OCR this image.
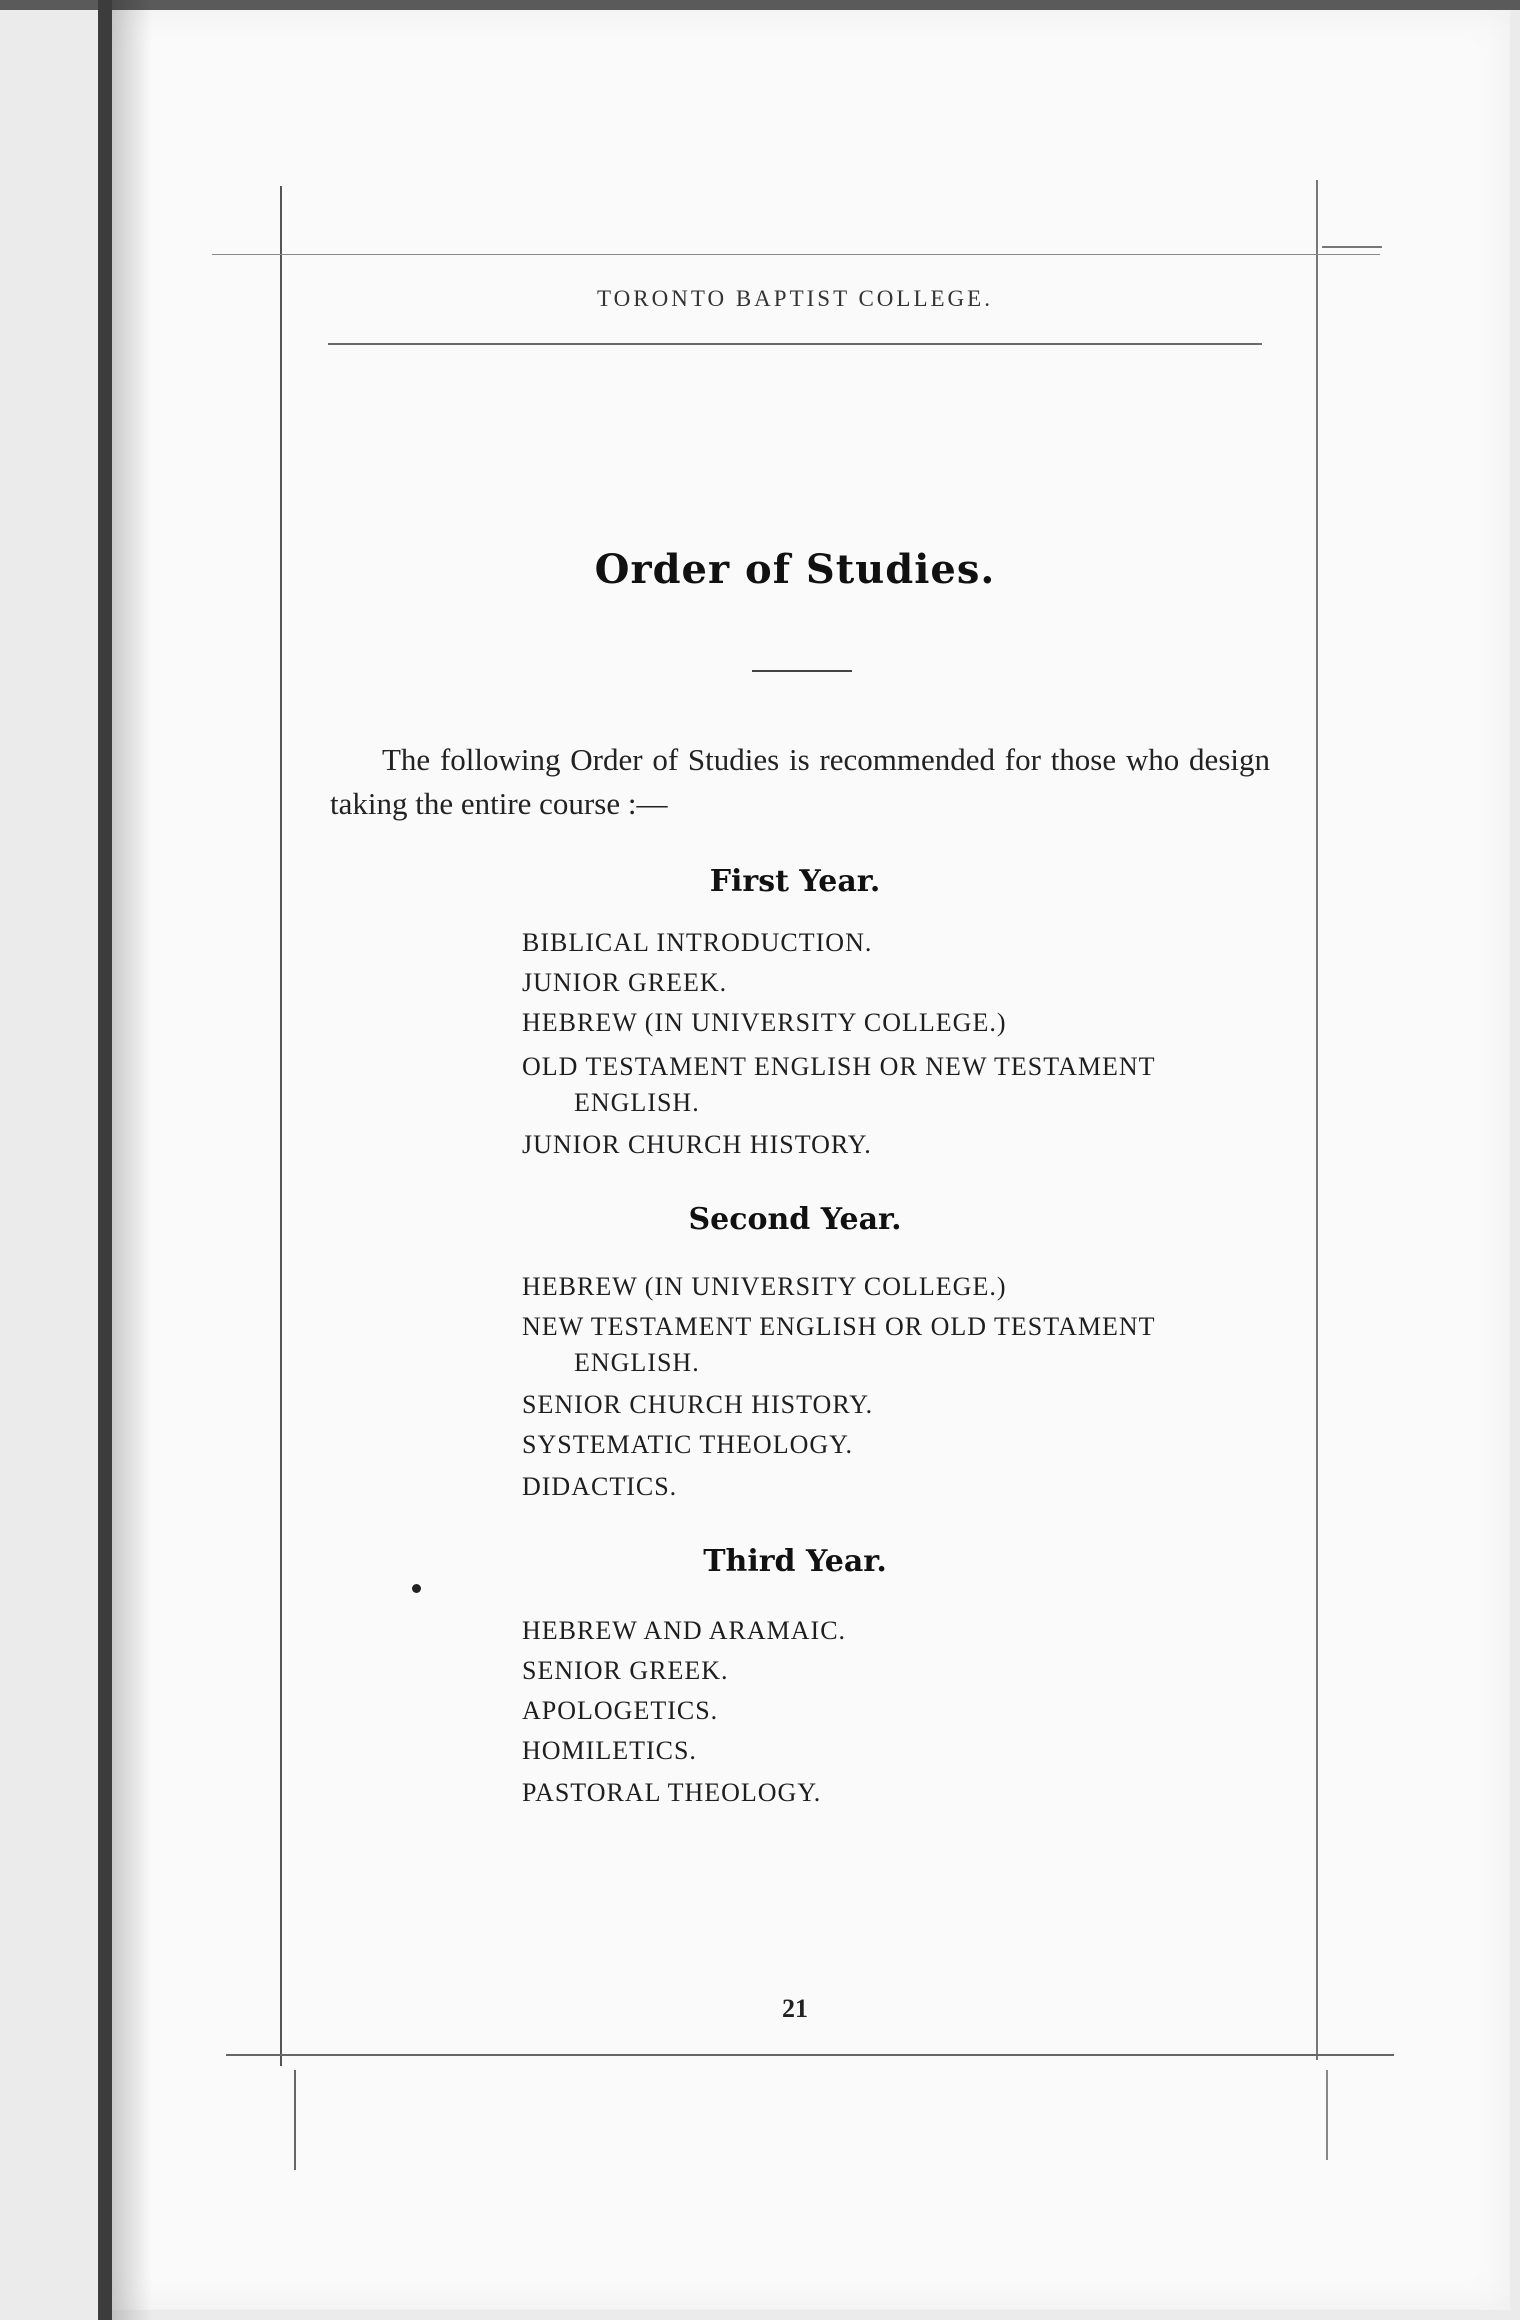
TORONTO BAPTIST COLLEGE.
Order of Studies.
The following Order of Studies is recommended for those who design taking the entire course :—
First Year.
BIBLICAL INTRODUCTION.
JUNIOR GREEK.
HEBREW (IN UNIVERSITY COLLEGE.)
OLD TESTAMENT ENGLISH OR NEW TESTAMENT
ENGLISH.
JUNIOR CHURCH HISTORY.
Second Year.
HEBREW (IN UNIVERSITY COLLEGE.)
NEW TESTAMENT ENGLISH OR OLD TESTAMENT
ENGLISH.
SENIOR CHURCH HISTORY.
SYSTEMATIC THEOLOGY.
DIDACTICS.
Third Year.
HEBREW AND ARAMAIC.
SENIOR GREEK.
APOLOGETICS.
HOMILETICS.
PASTORAL THEOLOGY.
21
